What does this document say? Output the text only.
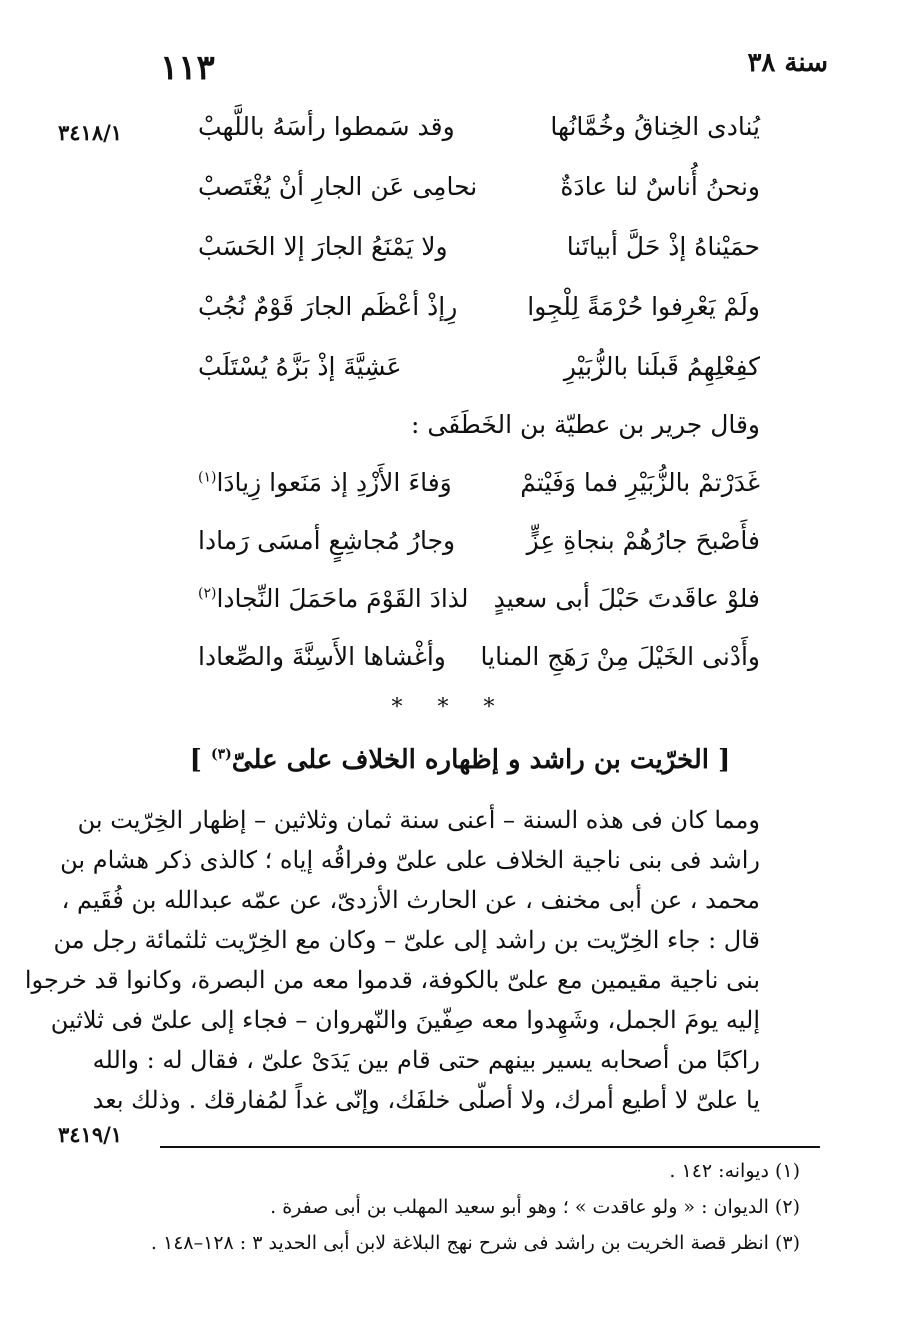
١١٣	سنة ٣٨
٣٤١٨/١	يُنادى الخِناقُ وخُمَّانُها
وقد سَمطوا رأسَهُ باللَّهبْ
ونحنُ أُناسٌ لنا عادَةٌ
نحامِى عَن الجارِ أنْ يُغْتَصبْ
حمَيْناهُ إذْ حَلَّ أبياتَنا
ولا يَمْنَعُ الجارَ إلا الحَسَبْ
ولَمْ يَعْرِفوا حُرْمَةً لِلْجِوا
رِإذْ أعْظَم الجارَ قَوْمٌ نُجُبْ
كفِعْلِهِمُ قَبلَنا بالزُّبَيْرِ
عَشِيَّةَ إذْ بَزَّهُ يُسْتَلَبْ
وقال جرير بن عطيّة بن الخَطَفَى :
غَدَرْتمْ بالزُّبَيْرِ فما وَفَيْتمْ
وَفاءَ الأَزْدِ إذ مَنَعوا زِيادَا$^{(١)}$
فأَصْبحَ جارُهُمْ بنجاةِ عِزٍّ
وجارُ مُجاشِعٍ أمسَى رَمادا
فلوْ عاقَدتَ حَبْلَ أبى سعيدٍ
لذادَ القَوْمَ ماحَمَلَ النِّجادا$^{(٢)}$
وأَدْنى الخَيْلَ مِنْ رَهَجِ المنايا
وأغْشاها الأَسِنَّةَ والصِّعادا
* * *
[ الخرّيت بن راشد و إظهاره الخلاف على علىّ$^{(٣)}$ ]
ومما كان فى هذه السنة – أعنى سنة ثمان وثلاثين – إظهار الخِرّيت بن
راشد فى بنى ناجية الخلاف على علىّ وفراقُه إياه ؛ كالذى ذكر هشام بن
محمد ، عن أبى مخنف ، عن الحارث الأزدىّ، عن عمّه عبدالله بن فُقَيم ،
قال : جاء الخِرّيت بن راشد إلى علىّ – وكان مع الخِرّيت ثلثمائة رجل من
بنى ناجية مقيمين مع علىّ بالكوفة، قدموا معه من البصرة، وكانوا قد خرجوا
إليه يومَ الجمل، وشَهِدوا معه صِفّينَ والنّهروان – فجاء إلى علىّ فى ثلاثين
راكبًا من أصحابه يسير بينهم حتى قام بين يَدَىْ علىّ ، فقال له : والله
يا علىّ لا أطيع أمرك، ولا أصلّى خلفَك، وإنّى غداً لمُفارقك . وذلك بعد
٣٤١٩/١
(١) ديوانه: ١٤٢ .
(٢) الديوان : « ولو عاقدت » ؛ وهو أبو سعيد المهلب بن أبى صفرة .
(٣) انظر قصة الخريت بن راشد فى شرح نهج البلاغة لابن أبى الحديد ٣ : ١٢٨–١٤٨ .
